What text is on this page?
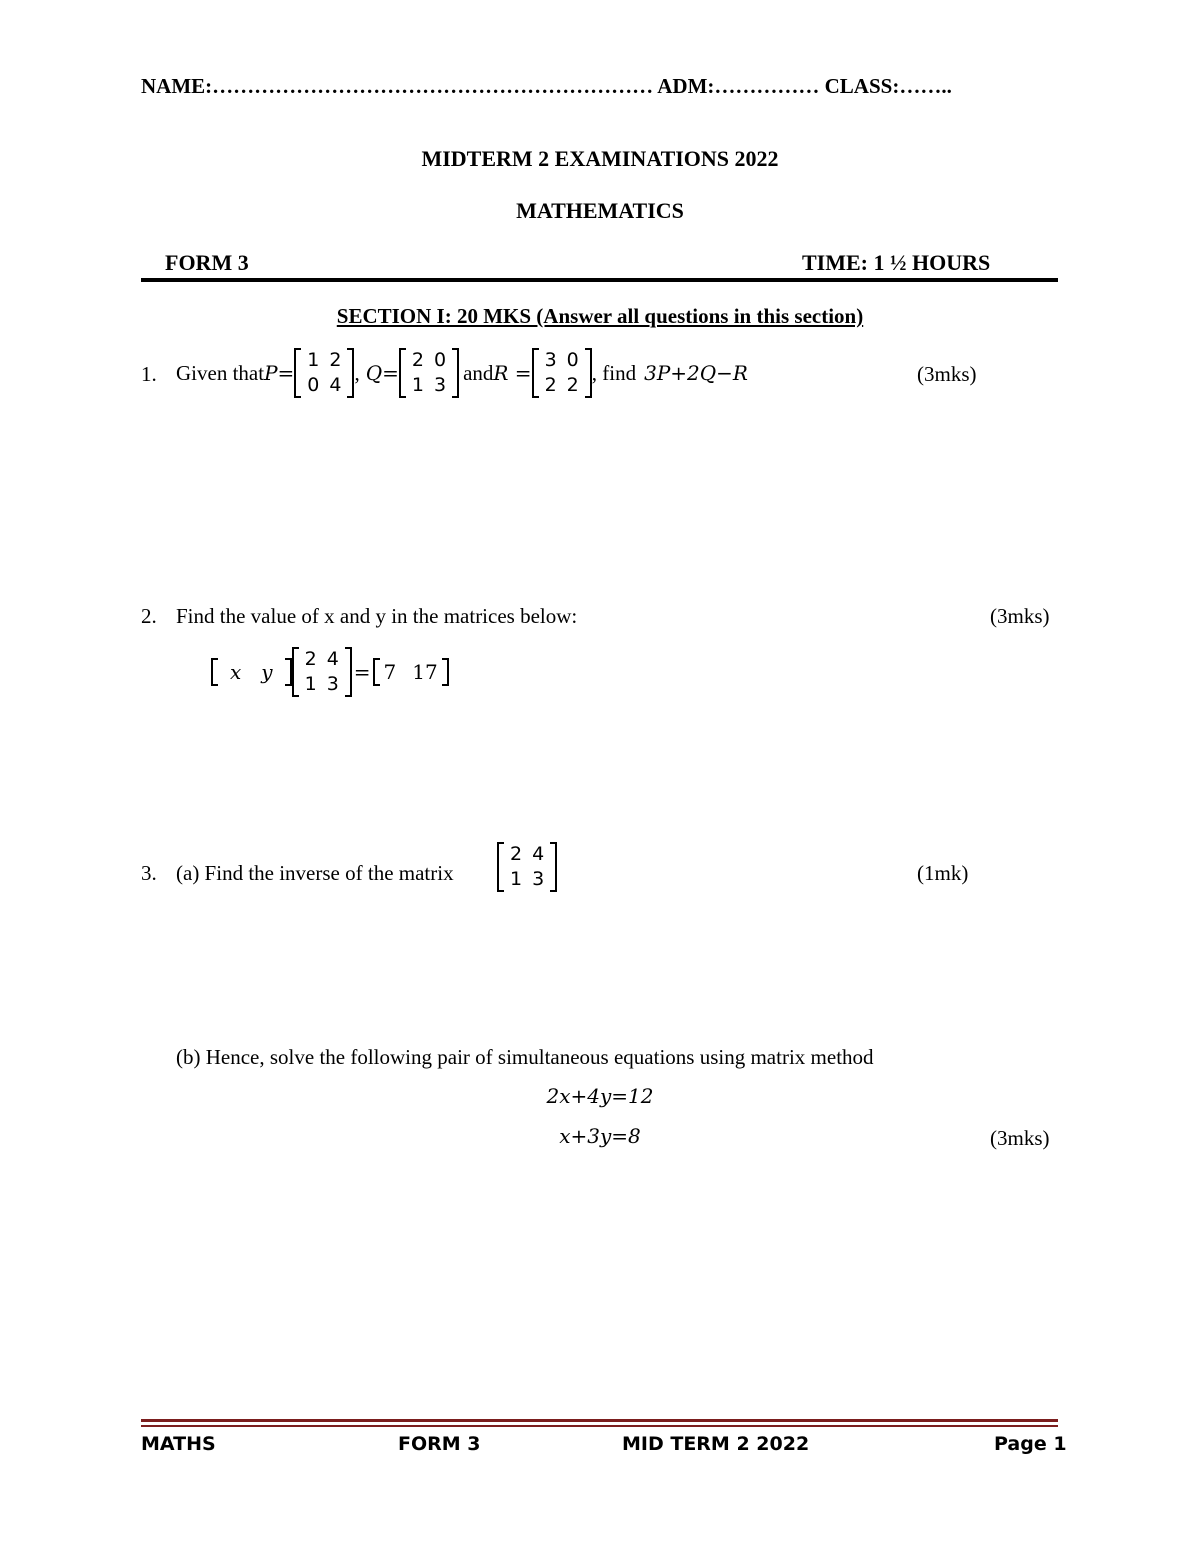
NAME:……………………………………………………… ADM:…………… CLASS:……..
MIDTERM 2 EXAMINATIONS 2022
MATHEMATICS
FORM 3	TIME: 1 ½ HOURS
SECTION I: 20 MKS (Answer all questions in this section)
1. Given that P=
1	2
0	4
, Q=
2	0
1	3
and R =
3	0
2	2
, find 3P+2Q−R	(3mks)
2. Find the value of x and y in the matrices below:	(3mks)
x y
2	4
1	3 = 7 17
3. (a) Find the inverse of the matrix
2	4
1	3	(1mk)
(b) Hence, solve the following pair of simultaneous equations using matrix method
2x+4y=12
x+3y=8	(3mks)
MATHS	FORM 3	MID TERM 2 2022	Page 1
